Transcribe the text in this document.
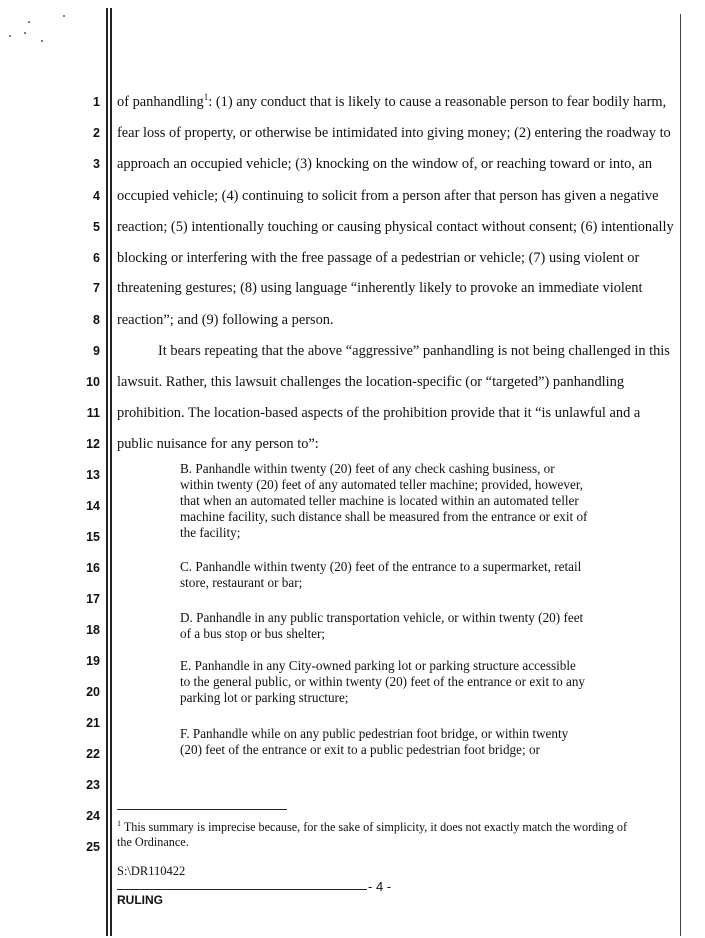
1
2
3
4
5
6
7
8
9
10
11
12
13
14
15
16
17
18
19
20
21
22
23
24
25
of panhandling$^1$: (1) any conduct that is likely to cause a reasonable person to fear bodily harm,
fear loss of property, or otherwise be intimidated into giving money; (2) entering the roadway to
approach an occupied vehicle; (3) knocking on the window of, or reaching toward or into, an
occupied vehicle; (4) continuing to solicit from a person after that person has given a negative
reaction; (5) intentionally touching or causing physical contact without consent; (6) intentionally
blocking or interfering with the free passage of a pedestrian or vehicle; (7) using violent or
threatening gestures; (8) using language “inherently likely to provoke an immediate violent
reaction”; and (9) following a person.
It bears repeating that the above “aggressive” panhandling is not being challenged in this
lawsuit. Rather, this lawsuit challenges the location-specific (or “targeted”) panhandling
prohibition. The location-based aspects of the prohibition provide that it “is unlawful and a
public nuisance for any person to”:
B. Panhandle within twenty (20) feet of any check cashing business, or
within twenty (20) feet of any automated teller machine; provided, however,
that when an automated teller machine is located within an automated teller
machine facility, such distance shall be measured from the entrance or exit of
the facility;
C. Panhandle within twenty (20) feet of the entrance to a supermarket, retail
store, restaurant or bar;
D. Panhandle in any public transportation vehicle, or within twenty (20) feet
of a bus stop or bus shelter;
E. Panhandle in any City-owned parking lot or parking structure accessible
to the general public, or within twenty (20) feet of the entrance or exit to any
parking lot or parking structure;
F. Panhandle while on any public pedestrian foot bridge, or within twenty
(20) feet of the entrance or exit to a public pedestrian foot bridge; or
$^1$ This summary is imprecise because, for the sake of simplicity, it does not exactly match the wording of
the Ordinance.
S:\DR110422
- 4 -
RULING
